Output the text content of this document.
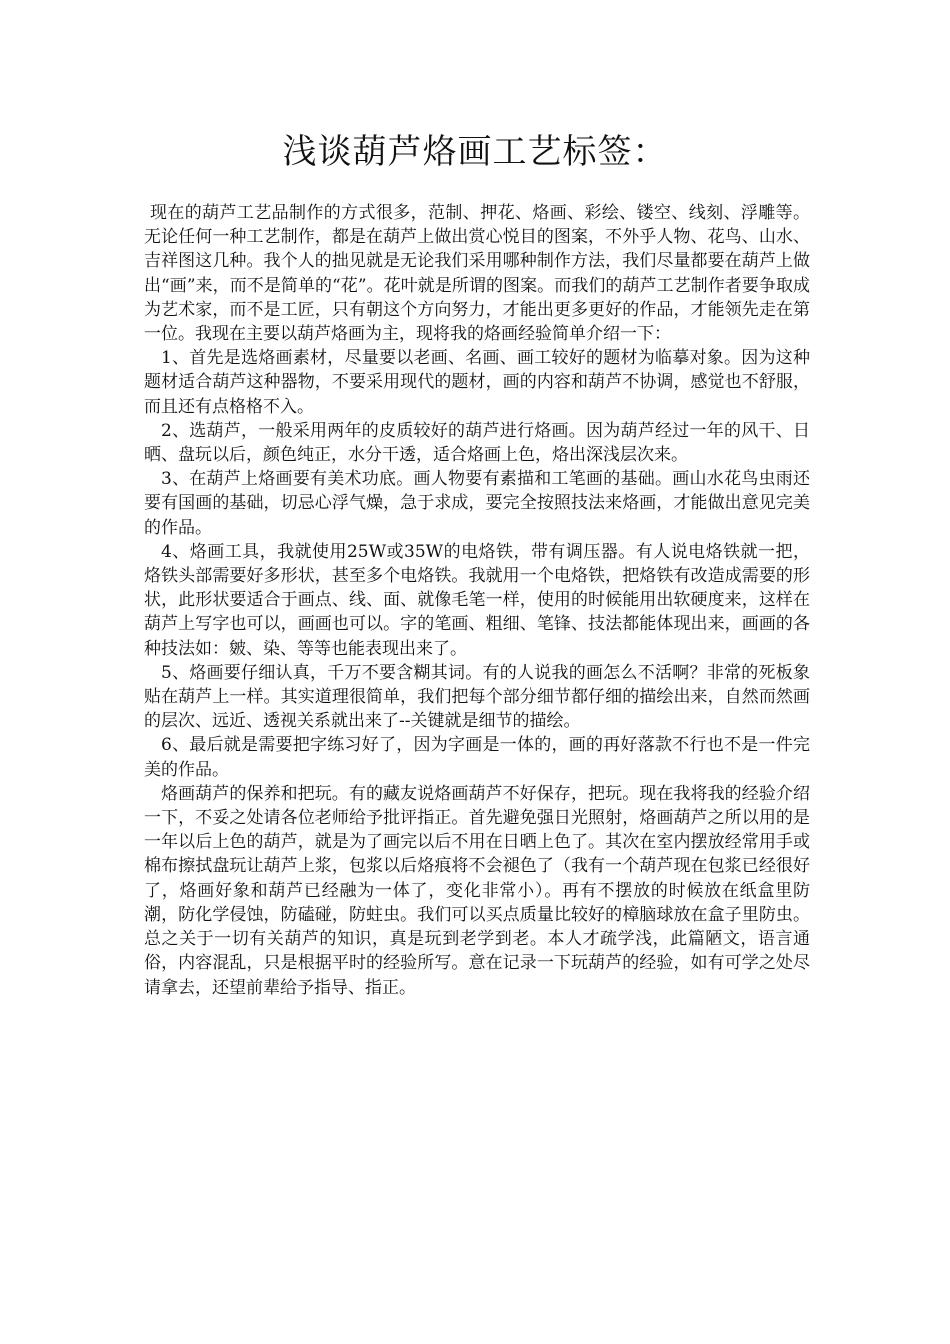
浅谈葫芦烙画工艺标签：

现在的葫芦工艺品制作的方式很多，范制、押花、烙画、彩绘、镂空、线刻、浮雕等。无论任何一种工艺制作，都是在葫芦上做出赏心悦目的图案，不外乎人物、花鸟、山水、吉祥图这几种。我个人的拙见就是无论我们采用哪种制作方法，我们尽量都要在葫芦上做出“画”来，而不是简单的“花”。花叶就是所谓的图案。而我们的葫芦工艺制作者要争取成为艺术家，而不是工匠，只有朝这个方向努力，才能出更多更好的作品，才能领先走在第一位。我现在主要以葫芦烙画为主，现将我的烙画经验简单介绍一下：

1、首先是选烙画素材，尽量要以老画、名画、画工较好的题材为临摹对象。因为这种题材适合葫芦这种器物，不要采用现代的题材，画的内容和葫芦不协调，感觉也不舒服，而且还有点格格不入。

2、选葫芦，一般采用两年的皮质较好的葫芦进行烙画。因为葫芦经过一年的风干、日晒、盘玩以后，颜色纯正，水分干透，适合烙画上色，烙出深浅层次来。

3、在葫芦上烙画要有美术功底。画人物要有素描和工笔画的基础。画山水花鸟虫雨还要有国画的基础，切忌心浮气燥，急于求成，要完全按照技法来烙画，才能做出意见完美的作品。

4、烙画工具，我就使用25W或35W的电烙铁，带有调压器。有人说电烙铁就一把，烙铁头部需要好多形状，甚至多个电烙铁。我就用一个电烙铁，把烙铁有改造成需要的形状，此形状要适合于画点、线、面、就像毛笔一样，使用的时候能用出软硬度来，这样在葫芦上写字也可以，画画也可以。字的笔画、粗细、笔锋、技法都能体现出来，画画的各种技法如：皴、染、等等也能表现出来了。

5、烙画要仔细认真，千万不要含糊其词。有的人说我的画怎么不活啊？非常的死板象贴在葫芦上一样。其实道理很简单，我们把每个部分细节都仔细的描绘出来，自然而然画的层次、远近、透视关系就出来了--关键就是细节的描绘。

6、最后就是需要把字练习好了，因为字画是一体的，画的再好落款不行也不是一件完美的作品。

烙画葫芦的保养和把玩。有的藏友说烙画葫芦不好保存，把玩。现在我将我的经验介绍一下，不妥之处请各位老师给予批评指正。首先避免强日光照射，烙画葫芦之所以用的是一年以后上色的葫芦，就是为了画完以后不用在日晒上色了。其次在室内摆放经常用手或棉布擦拭盘玩让葫芦上浆，包浆以后烙痕将不会褪色了（我有一个葫芦现在包浆已经很好了，烙画好象和葫芦已经融为一体了，变化非常小）。再有不摆放的时候放在纸盒里防潮，防化学侵蚀，防磕碰，防蛀虫。我们可以买点质量比较好的樟脑球放在盒子里防虫。总之关于一切有关葫芦的知识，真是玩到老学到老。本人才疏学浅，此篇陋文，语言通俗，内容混乱，只是根据平时的经验所写。意在记录一下玩葫芦的经验，如有可学之处尽请拿去，还望前辈给予指导、指正。
